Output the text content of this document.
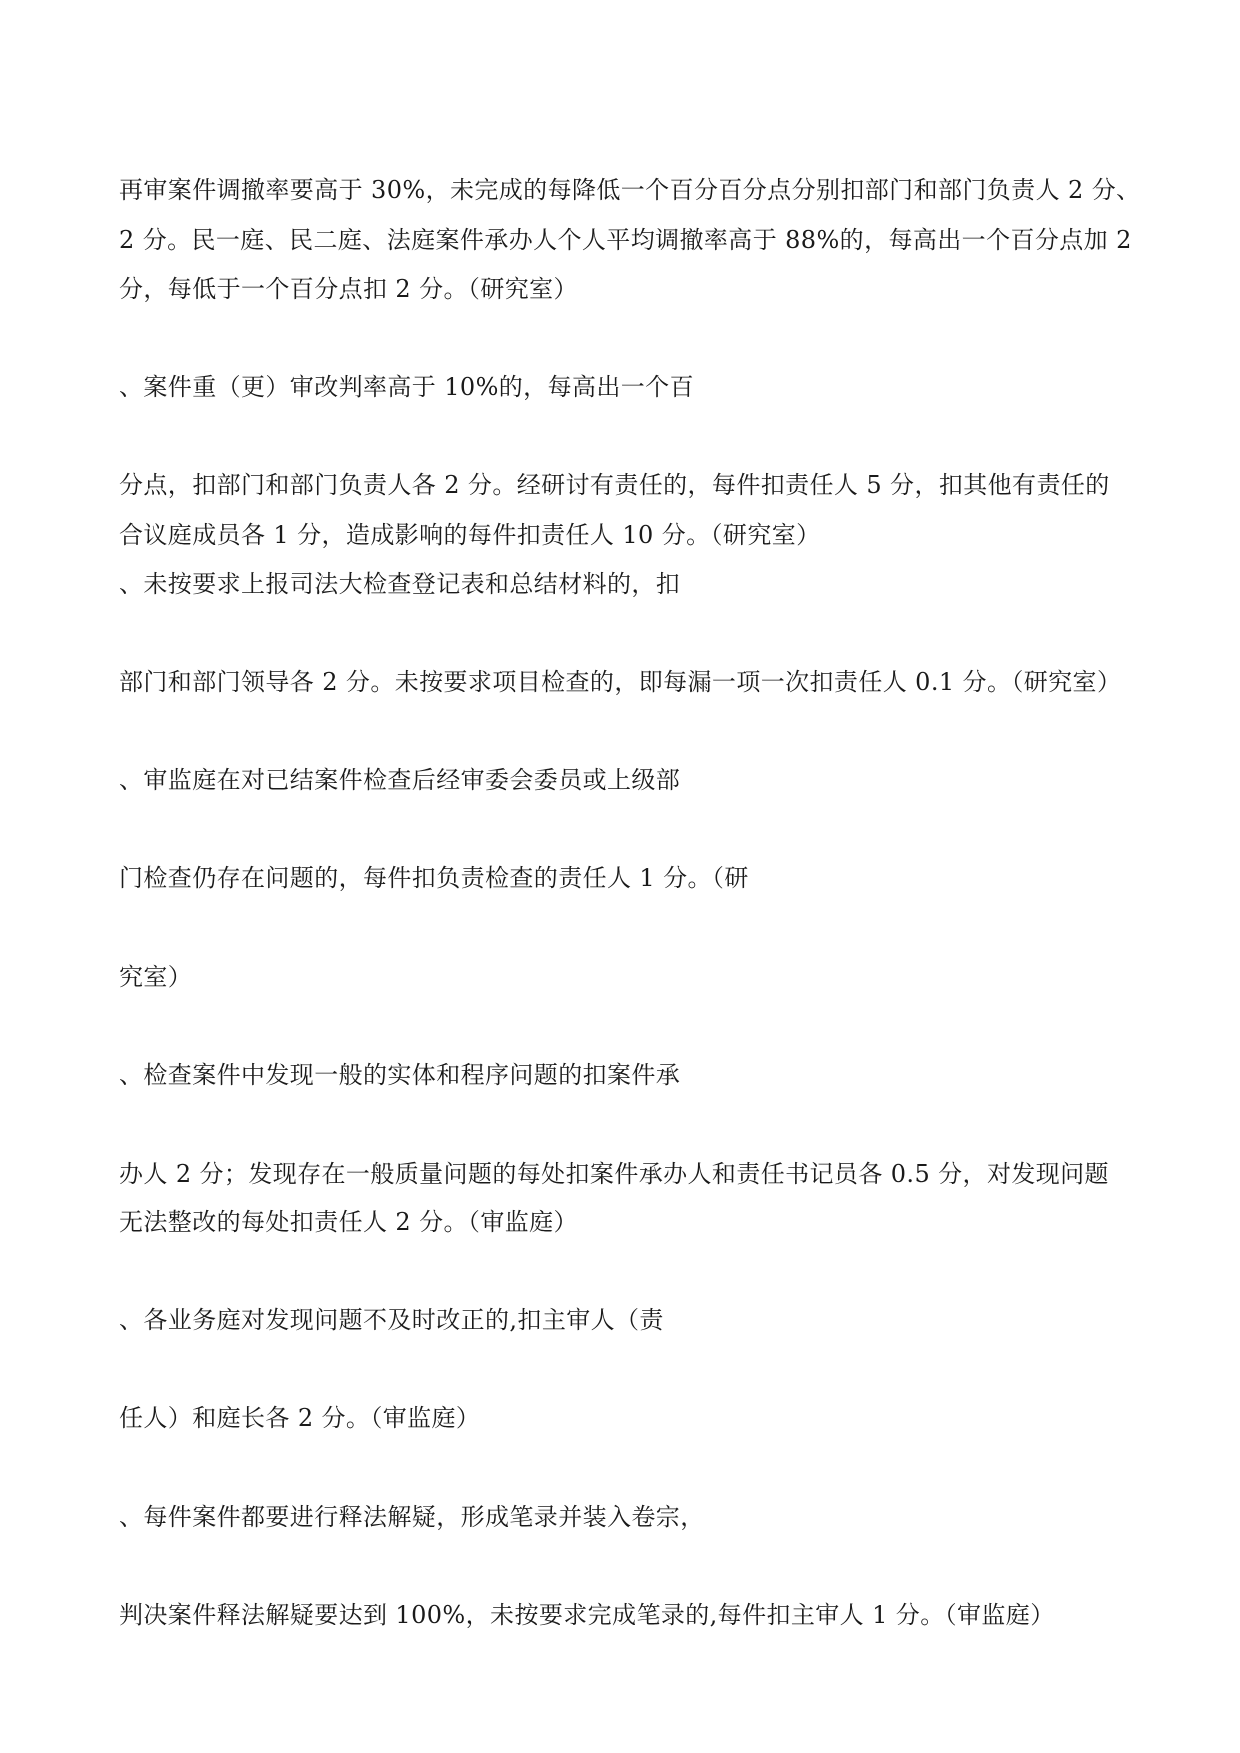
再审案件调撤率要高于 30%，未完成的每降低一个百分百分点分别扣部门和部门负责人 2 分、
2 分。民一庭、民二庭、法庭案件承办人个人平均调撤率高于 88%的，每高出一个百分点加 2
分，每低于一个百分点扣 2 分。（研究室）
、案件重（更）审改判率高于 10%的，每高出一个百
分点，扣部门和部门负责人各 2 分。经研讨有责任的，每件扣责任人 5 分，扣其他有责任的
合议庭成员各 1 分，造成影响的每件扣责任人 10 分。（研究室）
、未按要求上报司法大检查登记表和总结材料的，扣
部门和部门领导各 2 分。未按要求项目检查的，即每漏一项一次扣责任人 0.1 分。（研究室）
、审监庭在对已结案件检查后经审委会委员或上级部
门检查仍存在问题的，每件扣负责检查的责任人 1 分。（研
究室）
、检查案件中发现一般的实体和程序问题的扣案件承
办人 2 分；发现存在一般质量问题的每处扣案件承办人和责任书记员各 0.5 分，对发现问题
无法整改的每处扣责任人 2 分。（审监庭）
、各业务庭对发现问题不及时改正的,扣主审人（责
任人）和庭长各 2 分。（审监庭）
、每件案件都要进行释法解疑，形成笔录并装入卷宗，
判决案件释法解疑要达到 100%，未按要求完成笔录的,每件扣主审人 1 分。（审监庭）
